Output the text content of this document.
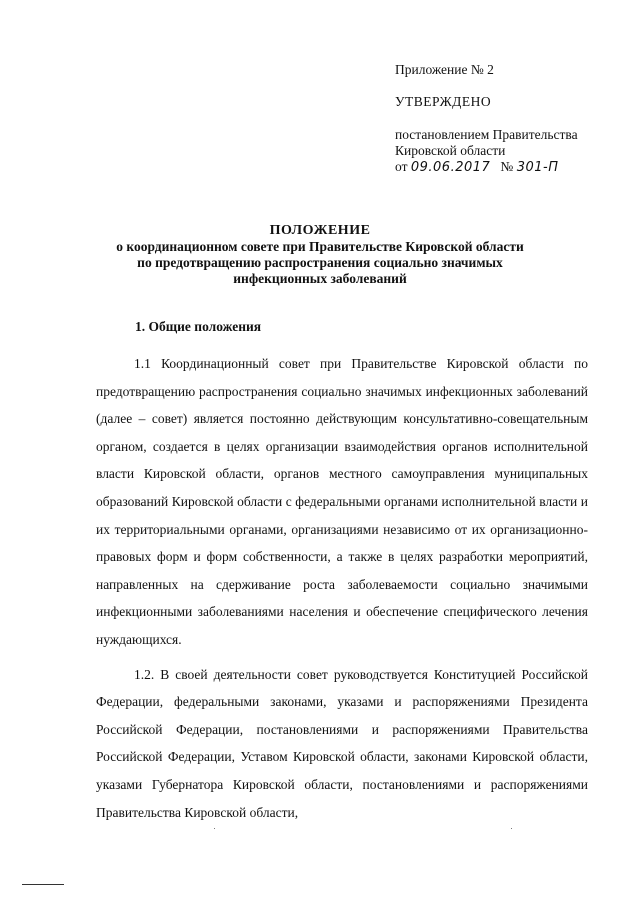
Приложение № 2
УТВЕРЖДЕНО
постановлением Правительства
Кировской области
от 09.06.2017 № 301-П
ПОЛОЖЕНИЕ
о координационном совете при Правительстве Кировской области
по предотвращению распространения социально значимых
инфекционных заболеваний
1. Общие положения

1.1 Координационный совет при Правительстве Кировской области по предотвращению распространения социально значимых инфекционных заболеваний (далее – совет) является постоянно действующим консультативно-совещательным органом, создается в целях организации взаимодействия органов исполнительной власти Кировской области, органов местного самоуправления муниципальных образований Кировской области с федеральными органами исполнительной власти и их территориальными органами, организациями независимо от их организационно-правовых форм и форм собственности, а также в целях разработки мероприятий, направленных на сдерживание роста заболеваемости социально значимыми инфекционными заболеваниями населения и обеспечение специфического лечения нуждающихся.

1.2. В своей деятельности совет руководствуется Конституцией Российской Федерации, федеральными законами, указами и распоряжениями Президента Российской Федерации, постановлениями и распоряжениями Правительства Российской Федерации, Уставом Кировской области, законами Кировской области, указами Губернатора Кировской области, постановлениями и распоряжениями Правительства Кировской области,
